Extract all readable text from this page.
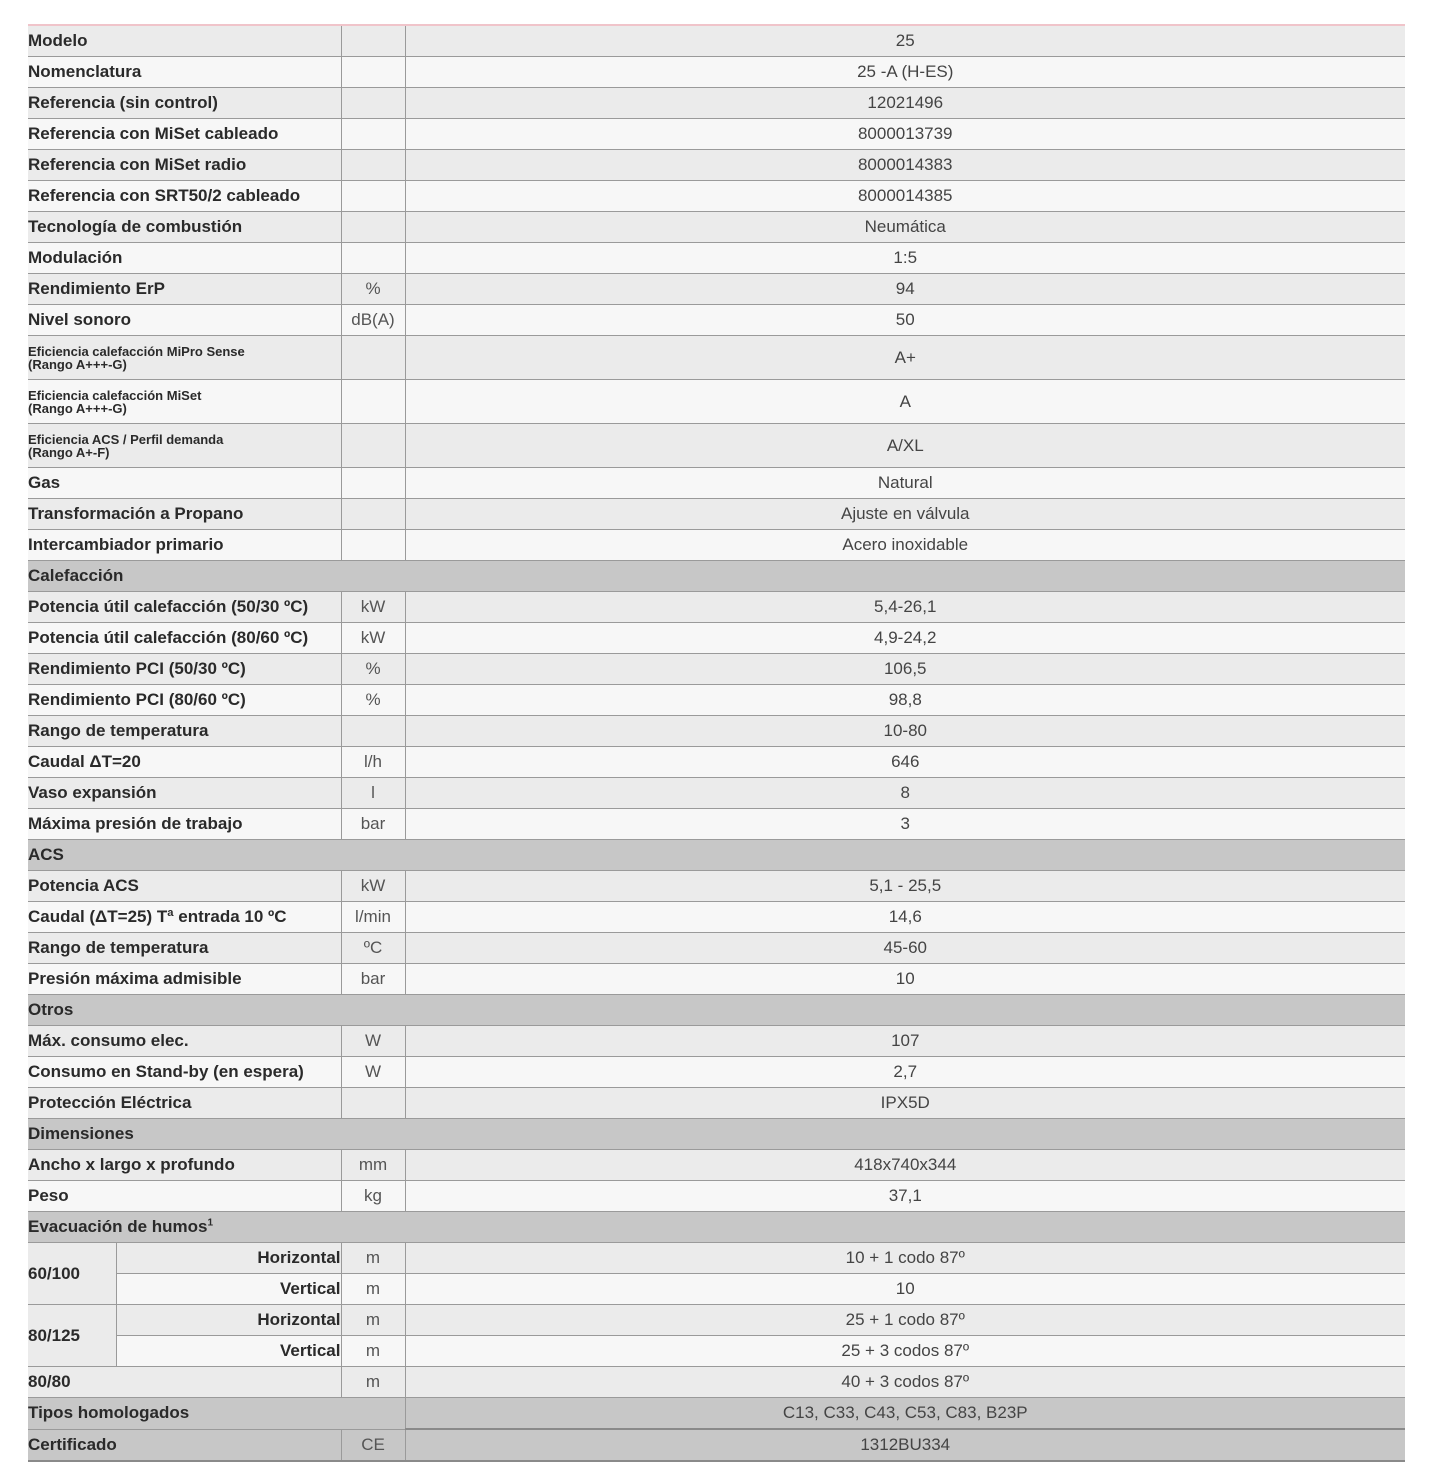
Modelo			25
Nomenclatura			25 -A (H-ES)
Referencia (sin control)			12021496
Referencia con MiSet cableado			8000013739
Referencia con MiSet radio			8000014383
Referencia con SRT50/2 cableado			8000014385
Tecnología de combustión			Neumática
Modulación			1:5
Rendimiento ErP		%	94
Nivel sonoro		dB(A)	50

Eficiencia calefacción MiPro Sense
(Rango A+++-G)			A+

Eficiencia calefacción MiSet
(Rango A+++-G)			A

Eficiencia ACS / Perfil demanda
(Rango A+-F)			A/XL
Gas			Natural
Transformación a Propano			Ajuste en válvula
Intercambiador primario			Acero inoxidable
Calefacción			
Potencia útil calefacción (50/30 ºC)		kW	5,4-26,1
Potencia útil calefacción (80/60 ºC)		kW	4,9-24,2
Rendimiento PCI (50/30 ºC)		%	106,5
Rendimiento PCI (80/60 ºC)		%	98,8
Rango de temperatura			10-80
Caudal ΔT=20		l/h	646
Vaso expansión		l	8
Máxima presión de trabajo		bar	3
ACS			
Potencia ACS		kW	5,1 - 25,5
Caudal (ΔT=25) Tª entrada 10 ºC		l/min	14,6
Rango de temperatura		ºC	45-60
Presión máxima admisible		bar	10
Otros			
Máx. consumo elec.		W	107
Consumo en Stand-by (en espera)		W	2,7
Protección Eléctrica			IPX5D
Dimensiones			
Ancho x largo x profundo		mm	418x740x344
Peso		kg	37,1
Evacuación de humos$^1$
60/100	Horizontal	m	10 + 1 codo 87º
	Vertical	m	10
80/125	Horizontal	m	25 + 1 codo 87º
	Vertical	m	25 + 3 codos 87º
80/80		m	40 + 3 codos 87º
Tipos homologados			C13, C33, C43, C53, C83, B23P
Certificado		CE	1312BU334
